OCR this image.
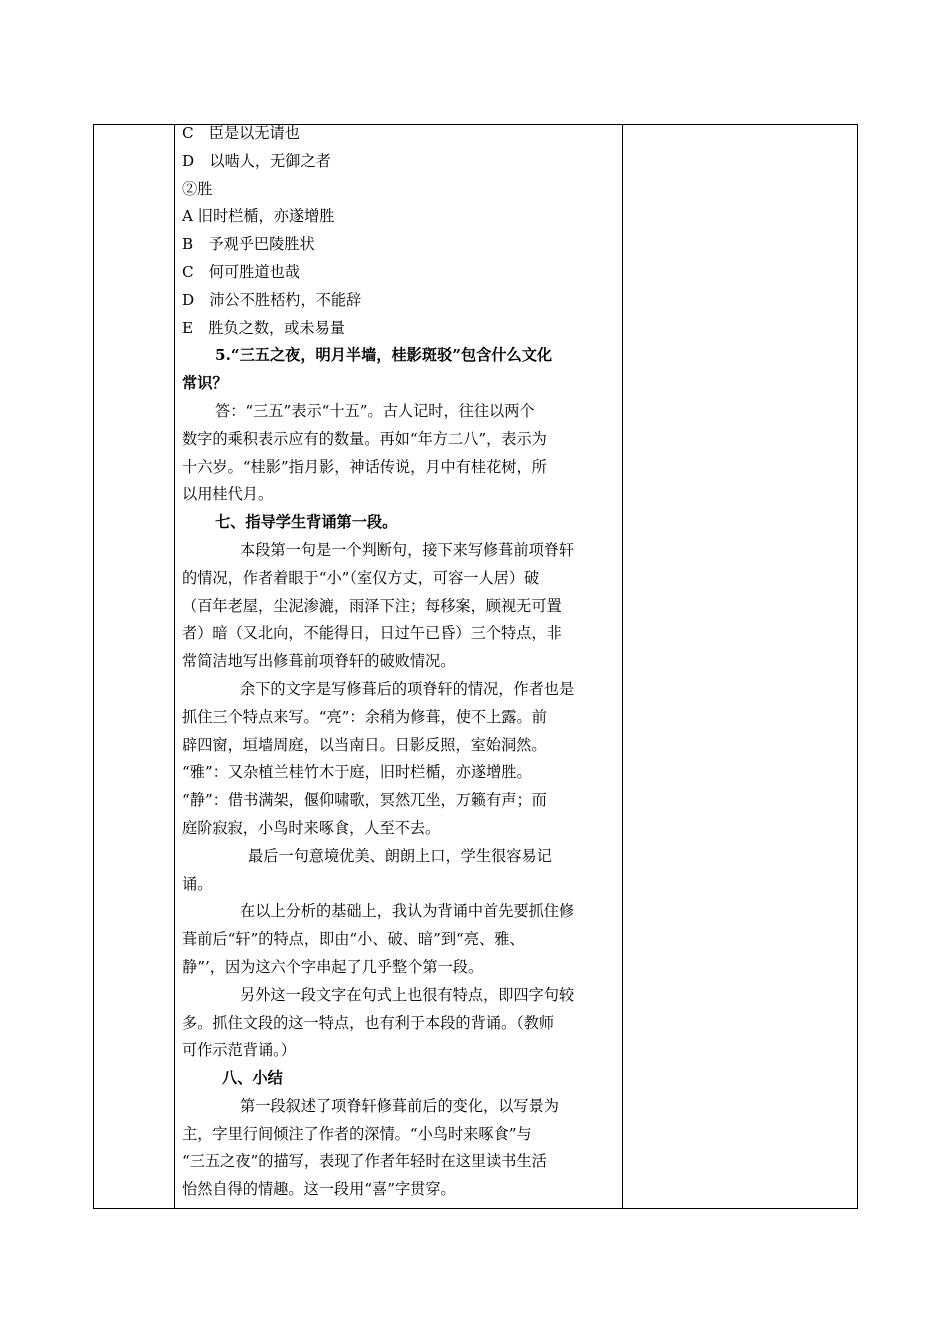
C　臣是以无请也
D　以啮人，无御之者
②胜
A 旧时栏楯，亦遂增胜
B　予观乎巴陵胜状
C　何可胜道也哉
D　沛公不胜桮杓，不能辞
E　胜负之数，或未易量
5.“三五之夜，明月半墙，桂影斑驳”包含什么文化
常识？
答：“三五”表示“十五”。古人记时，往往以两个
数字的乘积表示应有的数量。再如“年方二八”，表示为
十六岁。“桂影”指月影，神话传说，月中有桂花树，所
以用桂代月。
七、指导学生背诵第一段。
本段第一句是一个判断句，接下来写修葺前项脊轩
的情况，作者着眼于“小”（室仅方丈，可容一人居）破
（百年老屋，尘泥渗漉，雨泽下注；每移案，顾视无可置
者）暗（又北向，不能得日，日过午已昏）三个特点，非
常简洁地写出修葺前项脊轩的破败情况。
余下的文字是写修葺后的项脊轩的情况，作者也是
抓住三个特点来写。“亮”：余稍为修葺，使不上露。前
辟四窗，垣墙周庭，以当南日。日影反照，室始洞然。
“雅”：又杂植兰桂竹木于庭，旧时栏楯，亦遂增胜。
“静”：借书满架，偃仰啸歌，冥然兀坐，万籁有声；而
庭阶寂寂，小鸟时来啄食，人至不去。
最后一句意境优美、朗朗上口，学生很容易记
诵。
在以上分析的基础上，我认为背诵中首先要抓住修
葺前后“轩”的特点，即由“小、破、暗”到“亮、雅、
静”’，因为这六个字串起了几乎整个第一段。
另外这一段文字在句式上也很有特点，即四字句较
多。抓住文段的这一特点，也有利于本段的背诵。（教师
可作示范背诵。）
八、小结
第一段叙述了项脊轩修葺前后的变化，以写景为
主，字里行间倾注了作者的深情。“小鸟时来啄食”与
“三五之夜”的描写，表现了作者年轻时在这里读书生活
怡然自得的情趣。这一段用“喜”字贯穿。
